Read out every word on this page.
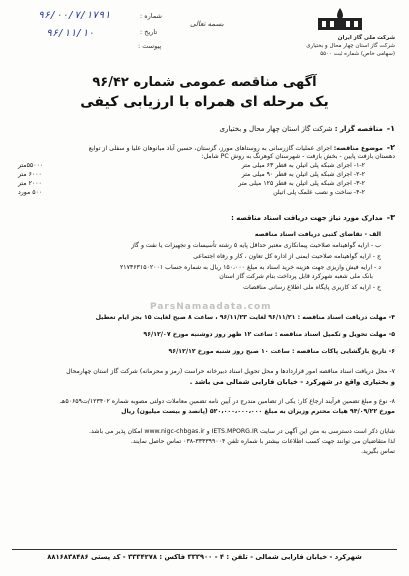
۹۶/۰۰/۷/۱۷۹۱
۹۶/۱۱/۱۰
شماره :
تاریخ :
پیوست :
بسمه تعالی
شرکت ملی گاز ایران
شرکت گاز استان چهار محال و بختیاری
(سهامی خاص) شماره ثبت ۵۵۰۰
آگهی مناقصه عمومی شماره ۹۶/۴۲
یک مرحله ای همراه با ارزیابی کیفی
۱-مناقصه گزار : شرکت گاز استان چهار محال و بختیاری
۲-موضوع مناقصه: اجرای عملیات گازرسانی به روستاهای مورز، گزستان، حسین آباد میانوهان علیا و سفلی از توابع
دهستان بازفت پایین - بخش بازفت - شهرستان کوهرنگ به روش PC شامل:
۱-۲- اجرای شبکه پلی اتیلن به قطر ۶۳ میلی متر
۵۵۰۰۰متر
۲-۲- اجرای شبکه پلی اتیلن به قطر ۹۰ میلی متر
۶۰۰۰ متر
۳-۲- اجرای شبکه پلی اتیلن به قطر ۱۲۵ میلی متر
۲۰۰۰ متر
۴-۲- ساخت و نصب علمک پلی اتیلن
۵۰۰ مورد
۳-مدارک مورد نیاز جهت دریافت اسناد مناقصه :
الف - تقاضای کتبی دریافت اسناد مناقصه
ب - ارایه گواهینامه صلاحیت پیمانکاری معتبر حداقل پایه ۵ رشته تأسیسات و تجهیزات یا نفت و گاز
ج - ارایه گواهینامه صلاحیت ایمنی از اداره کل تعاون ، کار و رفاه اجتماعی
د - ارایه فیش واریزی جهت هزینه خرید اسناد به مبلغ ۱۵۰،۰۰۰ ریال به شماره حساب ۲۱۷۳۶۳۱۵۰۲۰۰۱
بانک ملی شعبه شهرکرد قابل پرداخت بنام شرکت گاز استان
ح - ارایه کد کاربری پایگاه ملی اطلاع رسانی مناقصات
ParsNamaadata.com
۴- مهلت دریافت اسناد مناقصه : ۹۶/۱۱/۲۱ لغایت ۹۶/۱۱/۲۳ ، ساعت ۸ صبح لغایت ۱۵ بجز ایام تعطیل
۵- مهلت تحویل و تکمیل اسناد مناقصه : ساعت ۱۲ ظهر روز دوشنبه مورخ ۹۶/۱۲/۰۷
۶- تاریخ بازگشایی پاکات مناقصه : ساعت ۱۰ صبح روز شنبه مورخ ۹۶/۱۲/۱۲
۷- محل دریافت اسناد مناقصه امور قراردادها و محل تحویل اسناد دبیرخانه حراست (رمز و محرمانه) شرکت گاز استان چهارمحال
و بختیاری واقع در شهرکرد - خیابان فارابی شمالی می باشد .
۸- نوع و مبلغ تضمین فرآیند ارجاع کار: یکی از تضامین مندرج در آیین نامه تضمین معاملات دولتی مصوبه شماره ۱۲۳۴۰۲/ت۵۰۶۵۹هـ
مورخ ۹۴/۰۹/۲۲ هیات محترم وزیران به مبلغ ۵۲۰،۰۰۰،۰۰۰،۰۰۰ (پانصد و بیست میلیون) ریال
شایان ذکر است دسترسی به متن این آگهی در سایت IETS.MPORG.IR و www.nigc-chbgas.ir امکان پذیر می باشد.
لذا متقاضیان می توانند جهت کسب اطلاعات بیشتر با شماره تلفن ۳۳۳۳۹۹۰۰۴-۰۳۸ تماس حاصل نمایند.
تماس بگیرید.
شهرکرد - خیابان فارابی شمالی - تلفن : ۴ - ۳۳۳۹۰۰ فاکس : ۳۳۳۴۲۷۸ - کد پستی ۸۸۱۶۸۳۸۴۸۶
